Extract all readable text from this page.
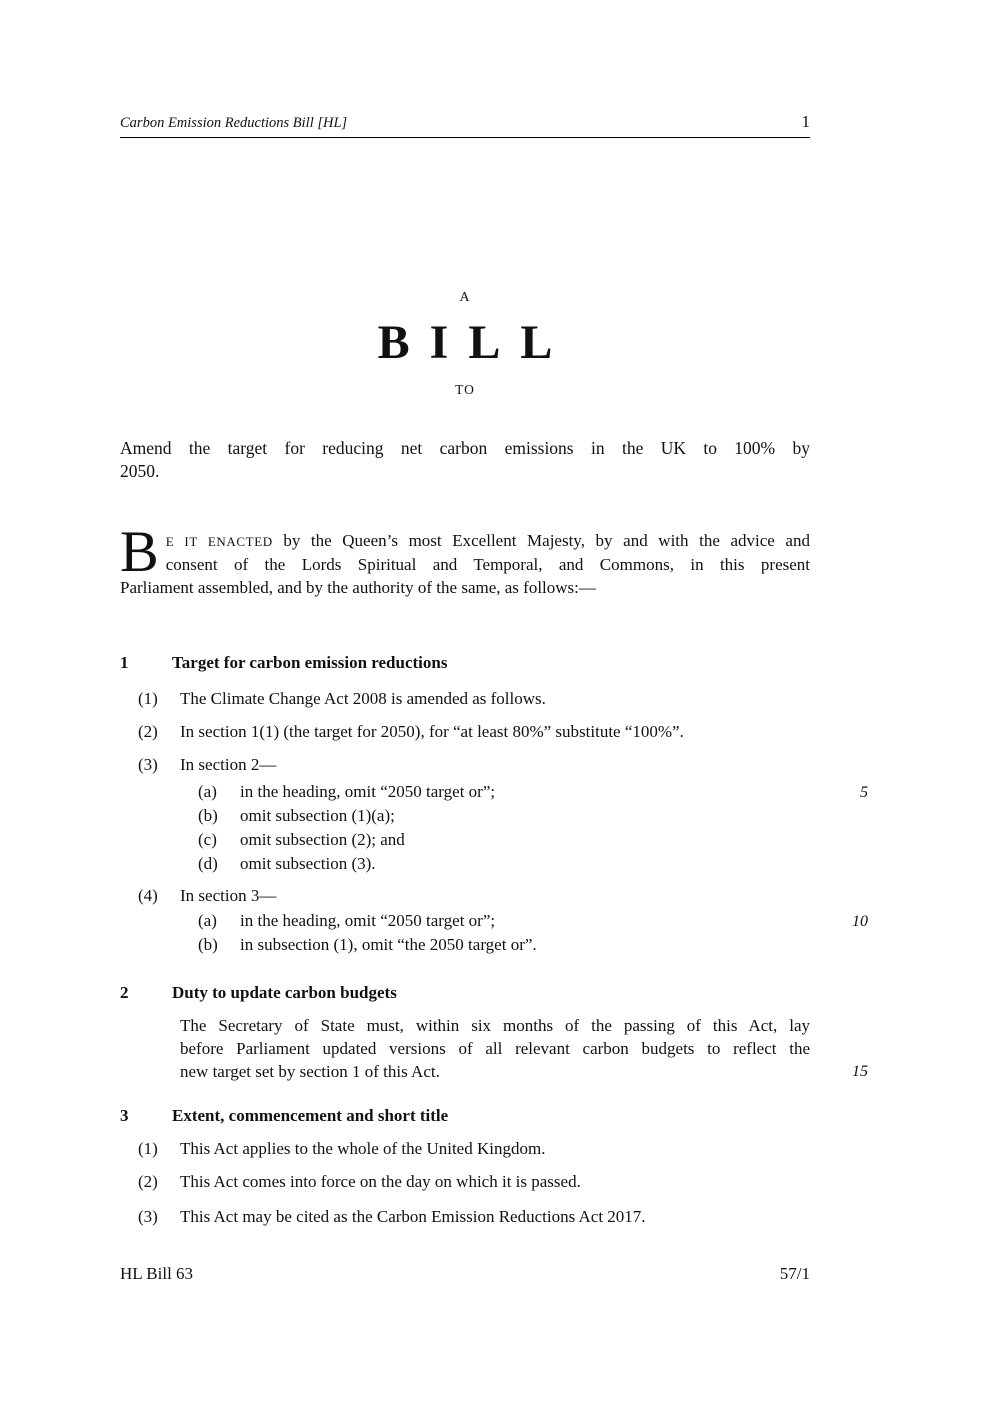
Carbon Emission Reductions Bill [HL]	1
A
BILL
TO

Amend the target for reducing net carbon emissions in the UK to 100% by
2050.

B E IT ENACTED by the Queen’s most Excellent Majesty, by and with the advice and
consent of the Lords Spiritual and Temporal, and Commons, in this present
Parliament assembled, and by the authority of the same, as follows:—
1	Target for carbon emission reductions
(1)	The Climate Change Act 2008 is amended as follows.
(2)	In section 1(1) (the target for 2050), for “at least 80%” substitute “100%”.
(3)	In section 2—
(a)	in the heading, omit “2050 target or”;	5
(b)	omit subsection (1)(a);
(c)	omit subsection (2); and
(d)	omit subsection (3).
(4)	In section 3—
(a)	in the heading, omit “2050 target or”;	10
(b)	in subsection (1), omit “the 2050 target or”.
2	Duty to update carbon budgets
The Secretary of State must, within six months of the passing of this Act, lay
before Parliament updated versions of all relevant carbon budgets to reflect the
new target set by section 1 of this Act.	15
3	Extent, commencement and short title
(1)	This Act applies to the whole of the United Kingdom.
(2)	This Act comes into force on the day on which it is passed.
(3)	This Act may be cited as the Carbon Emission Reductions Act 2017.
HL Bill 63	57/1
